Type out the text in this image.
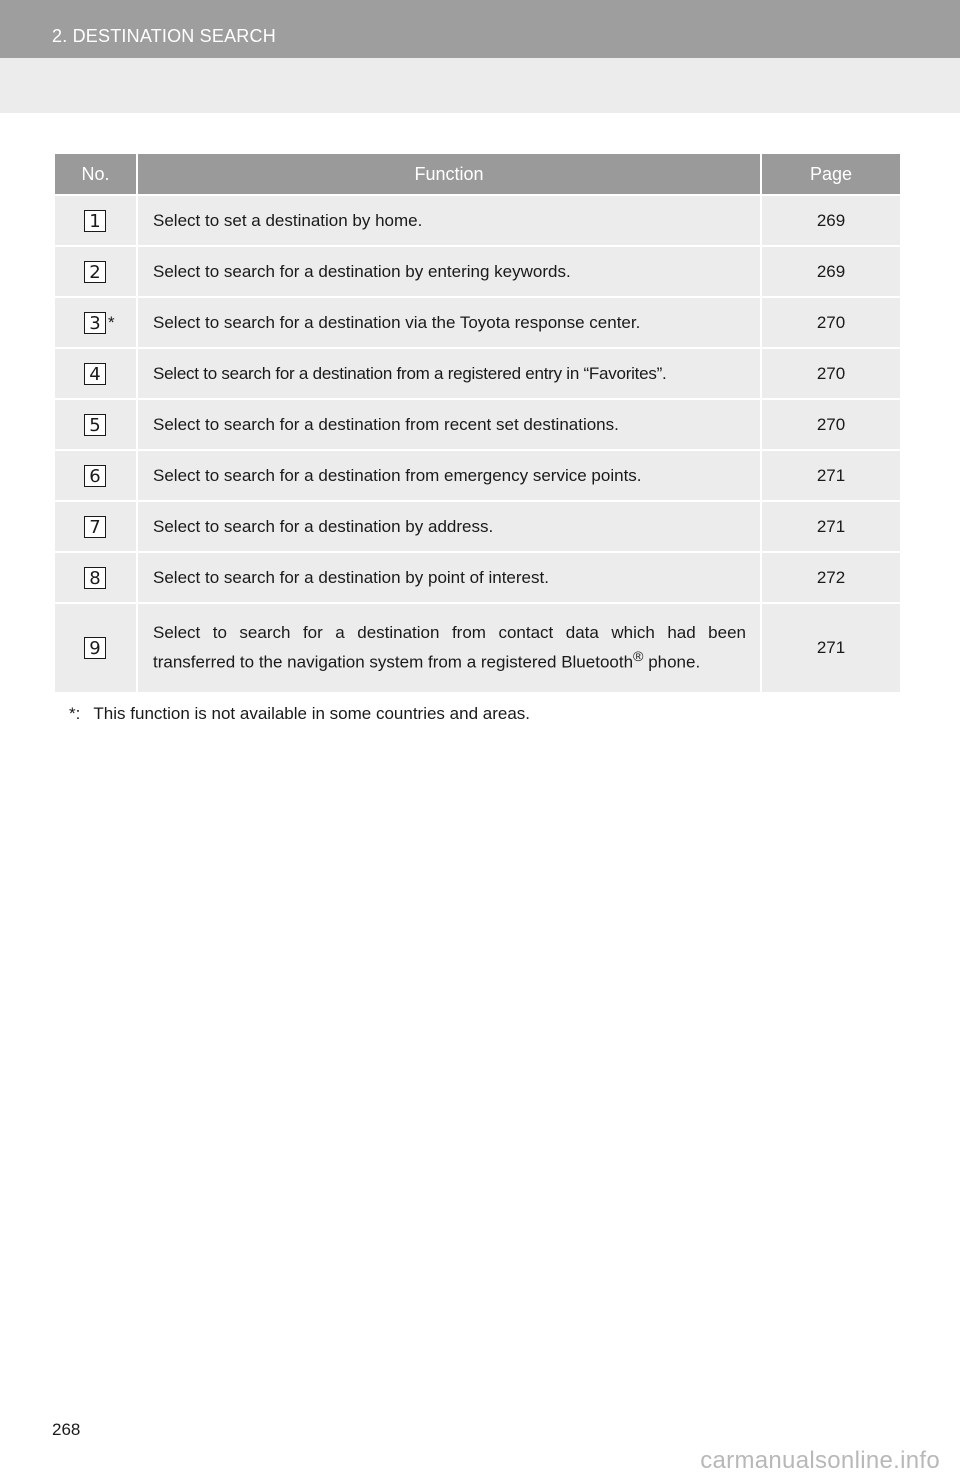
2. DESTINATION SEARCH
No.	Function	Page

1	Select to set a destination by home.	269

2	Select to search for a destination by entering keywords.	269

3 *	Select to search for a destination via the Toyota response center.	270

4	Select to search for a destination from a registered entry in “Favorites”.	270

5	Select to search for a destination from recent set destinations.	270

6	Select to search for a destination from emergency service points.	271

7	Select to search for a destination by address.	271

8	Select to search for a destination by point of interest.	272

9	Select to search for a destination from contact data which had been transferred to the navigation system from a registered Bluetooth® phone.	271
*: This function is not available in some countries and areas.
268
carmanualsonline.info
